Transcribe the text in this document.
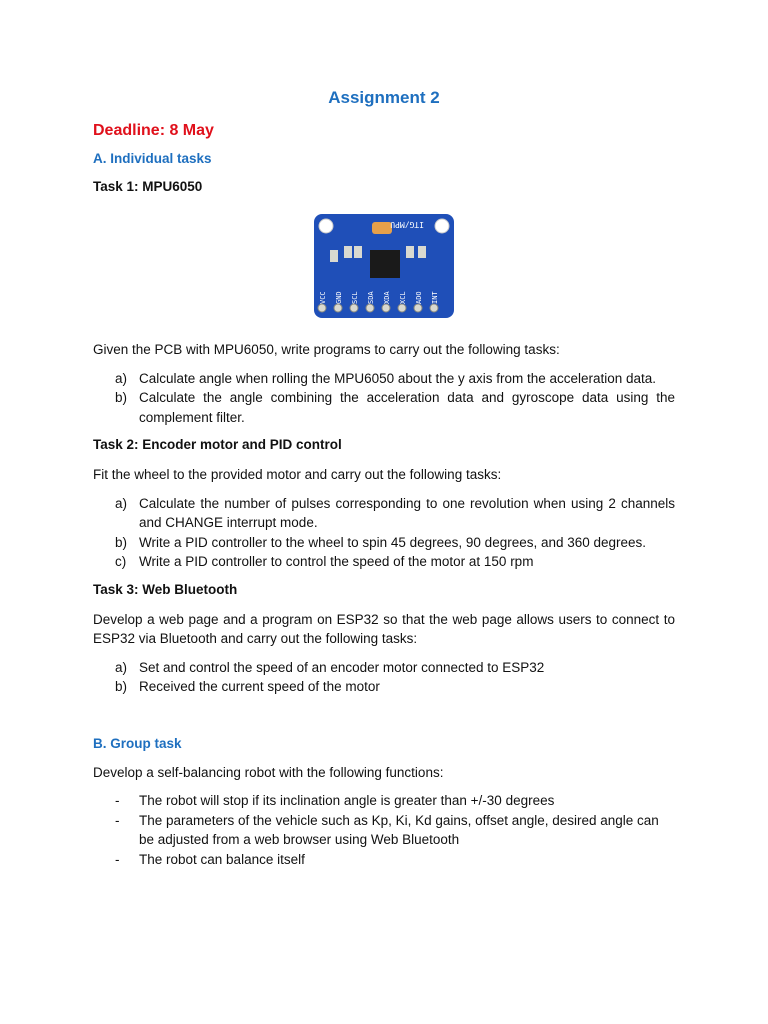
Assignment 2
Deadline: 8 May
A. Individual tasks
Task 1: MPU6050
ITG/MPU
VCC GND SCL SDA XDA XCL ADO INT

Given the PCB with MPU6050, write programs to carry out the following tasks:

a) Calculate angle when rolling the MPU6050 about the y axis from the acceleration data.
b) Calculate the angle combining the acceleration data and gyroscope data using the complement filter.
Task 2: Encoder motor and PID control

Fit the wheel to the provided motor and carry out the following tasks:

a) Calculate the number of pulses corresponding to one revolution when using 2 channels and CHANGE interrupt mode.
b) Write a PID controller to the wheel to spin 45 degrees, 90 degrees, and 360 degrees.
c) Write a PID controller to control the speed of the motor at 150 rpm
Task 3: Web Bluetooth

Develop a web page and a program on ESP32 so that the web page allows users to connect to ESP32 via Bluetooth and carry out the following tasks:

a) Set and control the speed of an encoder motor connected to ESP32
b) Received the current speed of the motor
B. Group task

Develop a self-balancing robot with the following functions:

- The robot will stop if its inclination angle is greater than +/-30 degrees
- The parameters of the vehicle such as Kp, Ki, Kd gains, offset angle, desired angle can be adjusted from a web browser using Web Bluetooth
- The robot can balance itself
